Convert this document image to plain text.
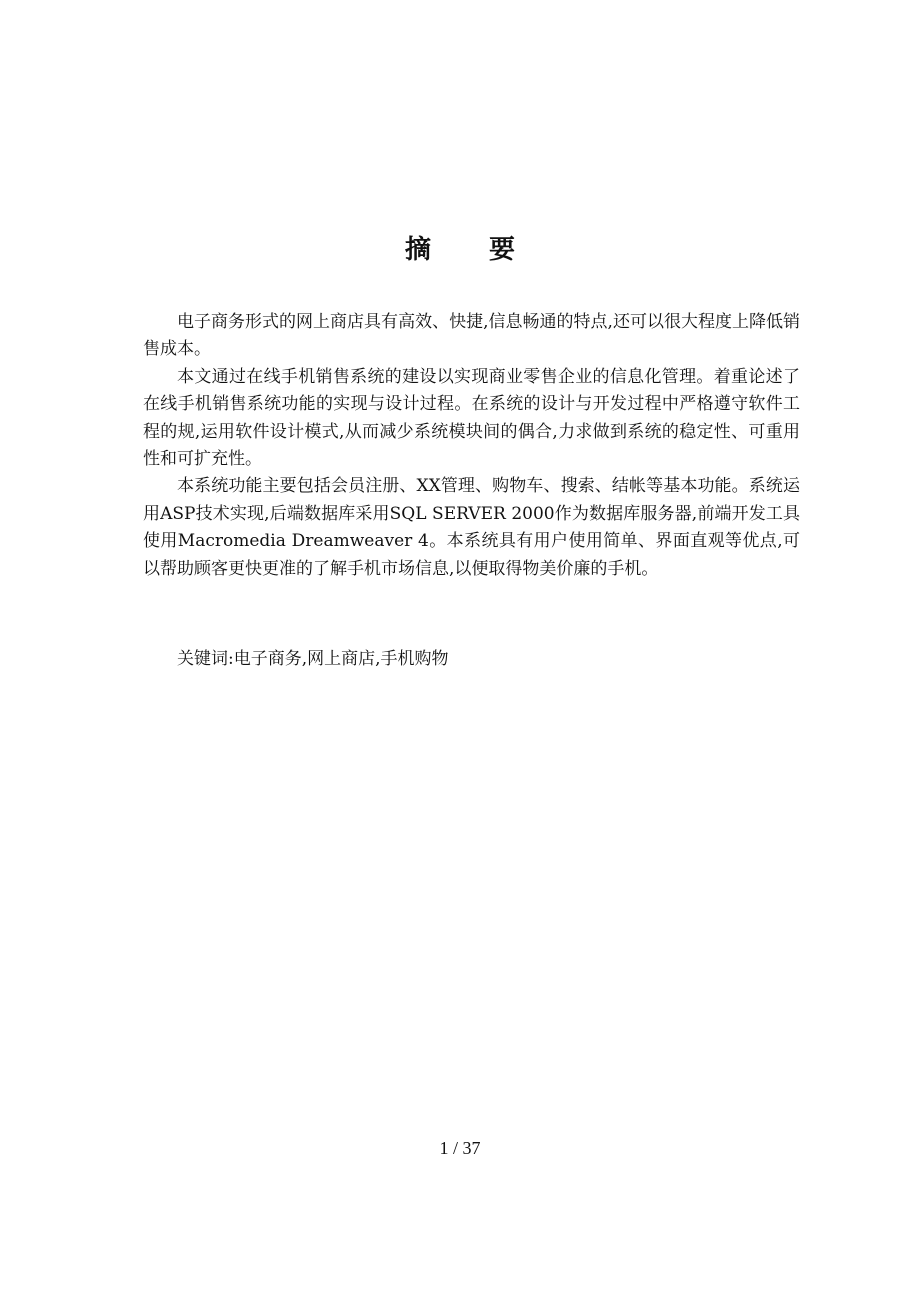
摘要

电子商务形式的网上商店具有高效、快捷,信息畅通的特点,还可以很大程度上降低销售成本。

本文通过在线手机销售系统的建设以实现商业零售企业的信息化管理。着重论述了在线手机销售系统功能的实现与设计过程。在系统的设计与开发过程中严格遵守软件工程的规,运用软件设计模式,从而减少系统模块间的偶合,力求做到系统的稳定性、可重用性和可扩充性。

本系统功能主要包括会员注册、XX管理、购物车、搜索、结帐等基本功能。系统运用ASP技术实现,后端数据库采用SQL SERVER 2000作为数据库服务器,前端开发工具使用Macromedia Dreamweaver 4。本系统具有用户使用简单、界面直观等优点,可以帮助顾客更快更准的了解手机市场信息,以便取得物美价廉的手机。

关键词:电子商务,网上商店,手机购物
1 / 37
